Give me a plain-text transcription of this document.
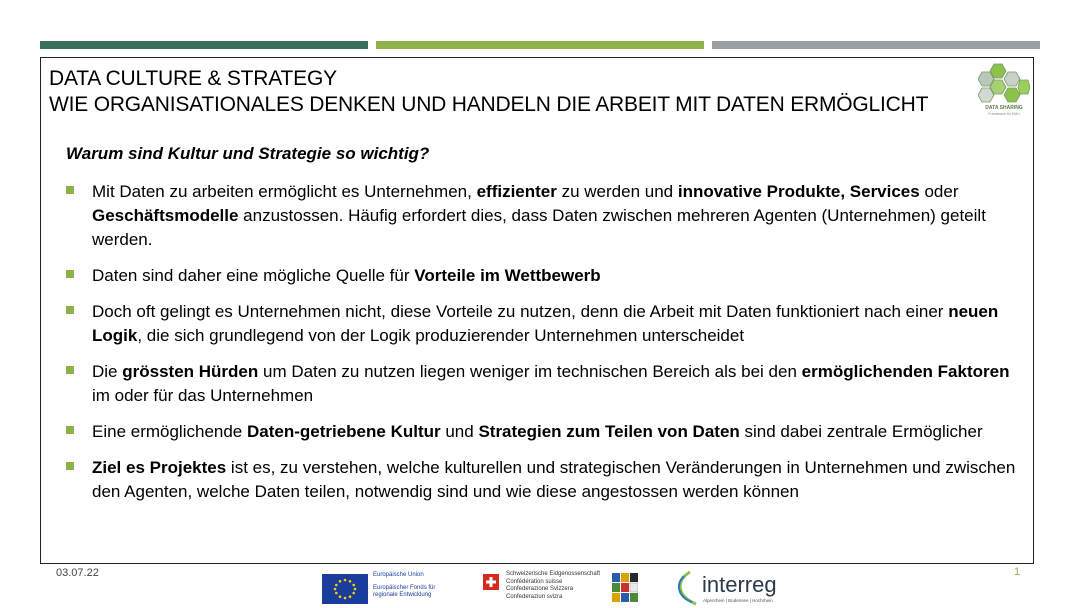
DATA CULTURE & STRATEGY
WIE ORGANISATIONALES DENKEN UND HANDELN DIE ARBEIT MIT DATEN ERMÖGLICHT	DATA SHARING
Framework für KMU
Warum sind Kultur und Strategie so wichtig?
Mit Daten zu arbeiten ermöglicht es Unternehmen, effizienter zu werden und innovative Produkte, Services oder Geschäftsmodelle anzustossen. Häufig erfordert dies, dass Daten zwischen mehreren Agenten (Unternehmen) geteilt werden.
Daten sind daher eine mögliche Quelle für Vorteile im Wettbewerb
Doch oft gelingt es Unternehmen nicht, diese Vorteile zu nutzen, denn die Arbeit mit Daten funktioniert nach einer neuen Logik, die sich grundlegend von der Logik produzierender Unternehmen unterscheidet
Die grössten Hürden um Daten zu nutzen liegen weniger im technischen Bereich als bei den ermöglichenden Faktoren im oder für das Unternehmen
Eine ermöglichende Daten-getriebene Kultur und Strategien zum Teilen von Daten sind dabei zentrale Ermöglicher
Ziel es Projektes ist es, zu verstehen, welche kulturellen und strategischen Veränderungen in Unternehmen und zwischen den Agenten, welche Daten teilen, notwendig sind und wie diese angestossen werden können
03.07.22	1
Europäische Union
Europäischer Fonds für
regionale Entwicklung
Schweizerische Eidgenossenschaft
Confédération suisse
Confederazione Svizzera
Confederaziun svizra	interreg
Alpenrhein | Bodensee | Hochrhein
